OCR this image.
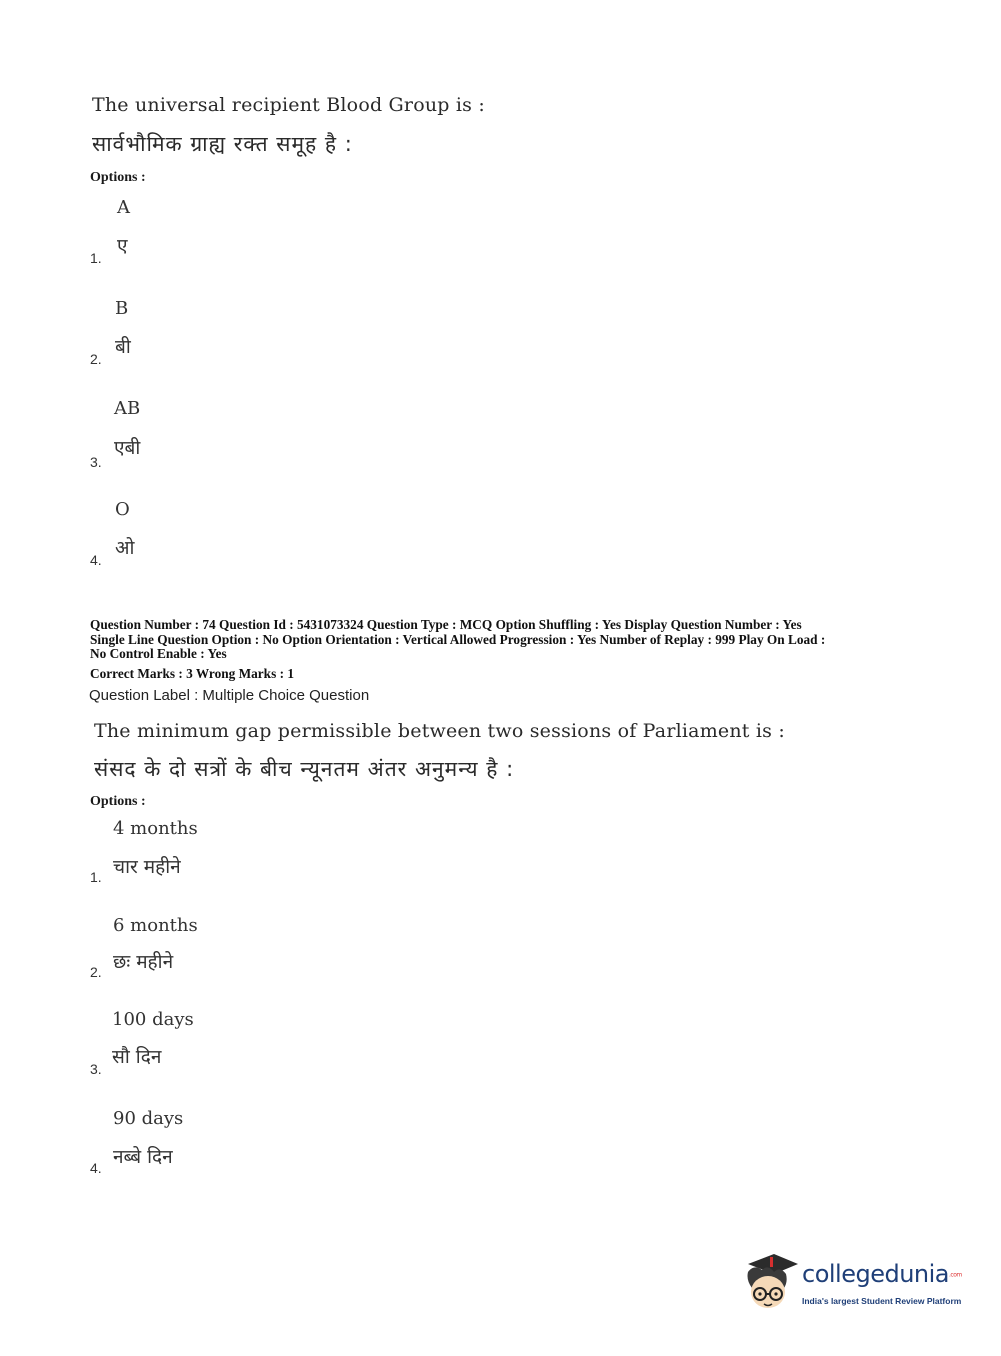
The universal recipient Blood Group is :
सार्वभौमिक ग्राह्य रक्त समूह है :
Options :
A
ए
1.
B
बी
2.
AB
एबी
3.
O
ओ
4.
Question Number : 74 Question Id : 5431073324 Question Type : MCQ Option Shuffling : Yes Display Question Number : Yes
Single Line Question Option : No Option Orientation : Vertical Allowed Progression : Yes Number of Replay : 999 Play On Load :
No Control Enable : Yes
Correct Marks : 3 Wrong Marks : 1
Question Label : Multiple Choice Question
The minimum gap permissible between two sessions of Parliament is :
संसद के दो सत्रों के बीच न्यूनतम अंतर अनुमन्य है :
Options :
4 months
चार महीने
1.
6 months
छः महीने
2.
100 days
सौ दिन
3.
90 days
नब्बे दिन
4.
collegedunia.com
India's largest Student Review Platform
